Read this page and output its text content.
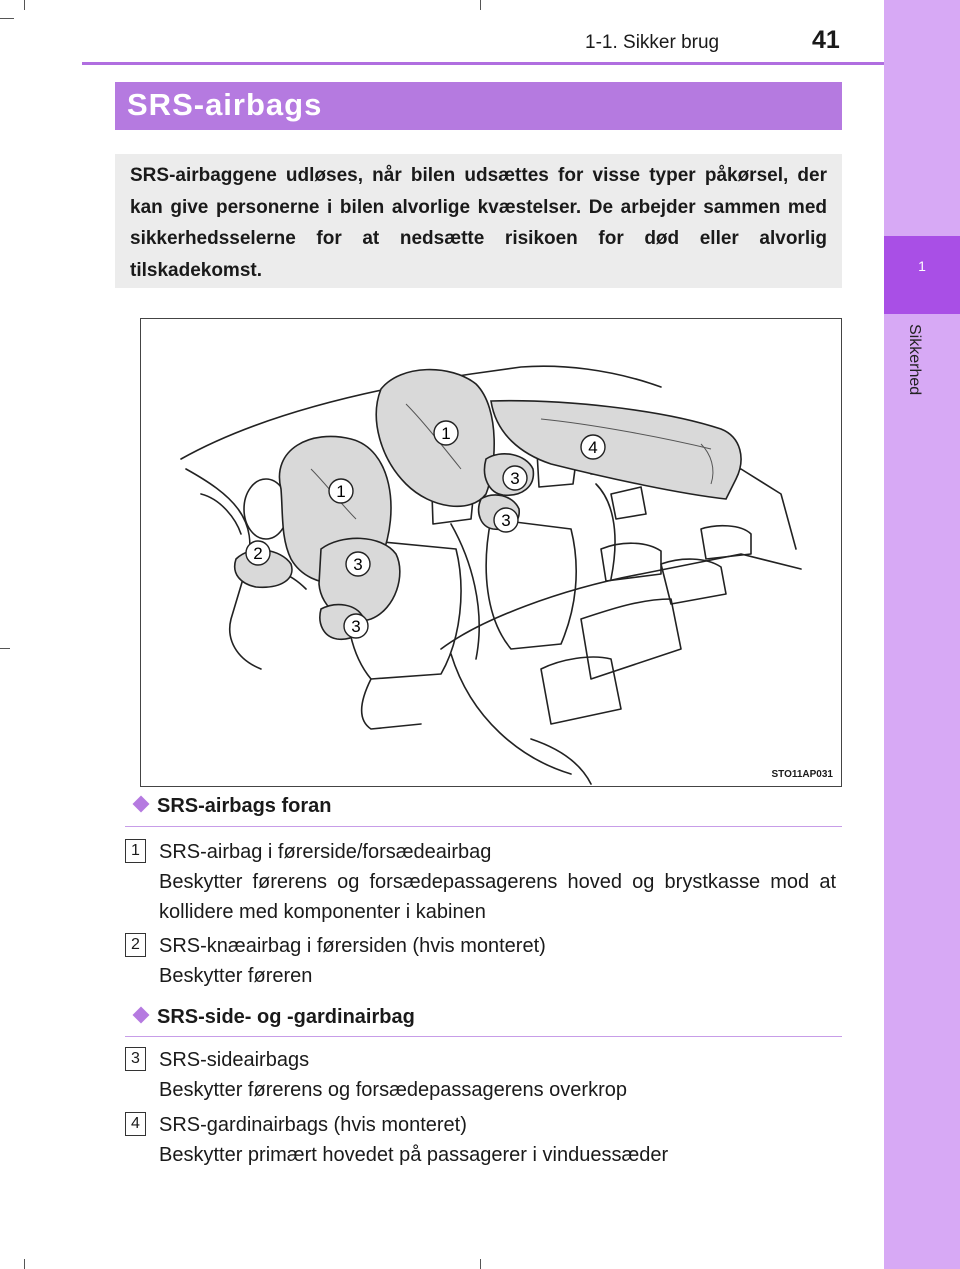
1-1. Sikker brug	41
1
Sikkerhed
SRS-airbags

SRS-airbaggene udløses, når bilen udsættes for visse typer påkørsel, der kan give personerne i bilen alvorlige kvæstelser. De arbejder sammen med sikkerhedsselerne for at nedsætte risikoen for død eller alvorlig tilskadekomst.

1
1
2
3
3
3
3
4
STO11AP031
SRS-airbags foran
1 SRS-airbag i førerside/forsædeairbag
Beskytter førerens og forsædepassagerens hoved og brystkasse mod at kollidere med komponenter i kabinen
2 SRS-knæairbag i førersiden (hvis monteret)
Beskytter føreren
SRS-side- og -gardinairbag
3 SRS-sideairbags
Beskytter førerens og forsædepassagerens overkrop
4 SRS-gardinairbags (hvis monteret)
Beskytter primært hovedet på passagerer i vinduessæder
